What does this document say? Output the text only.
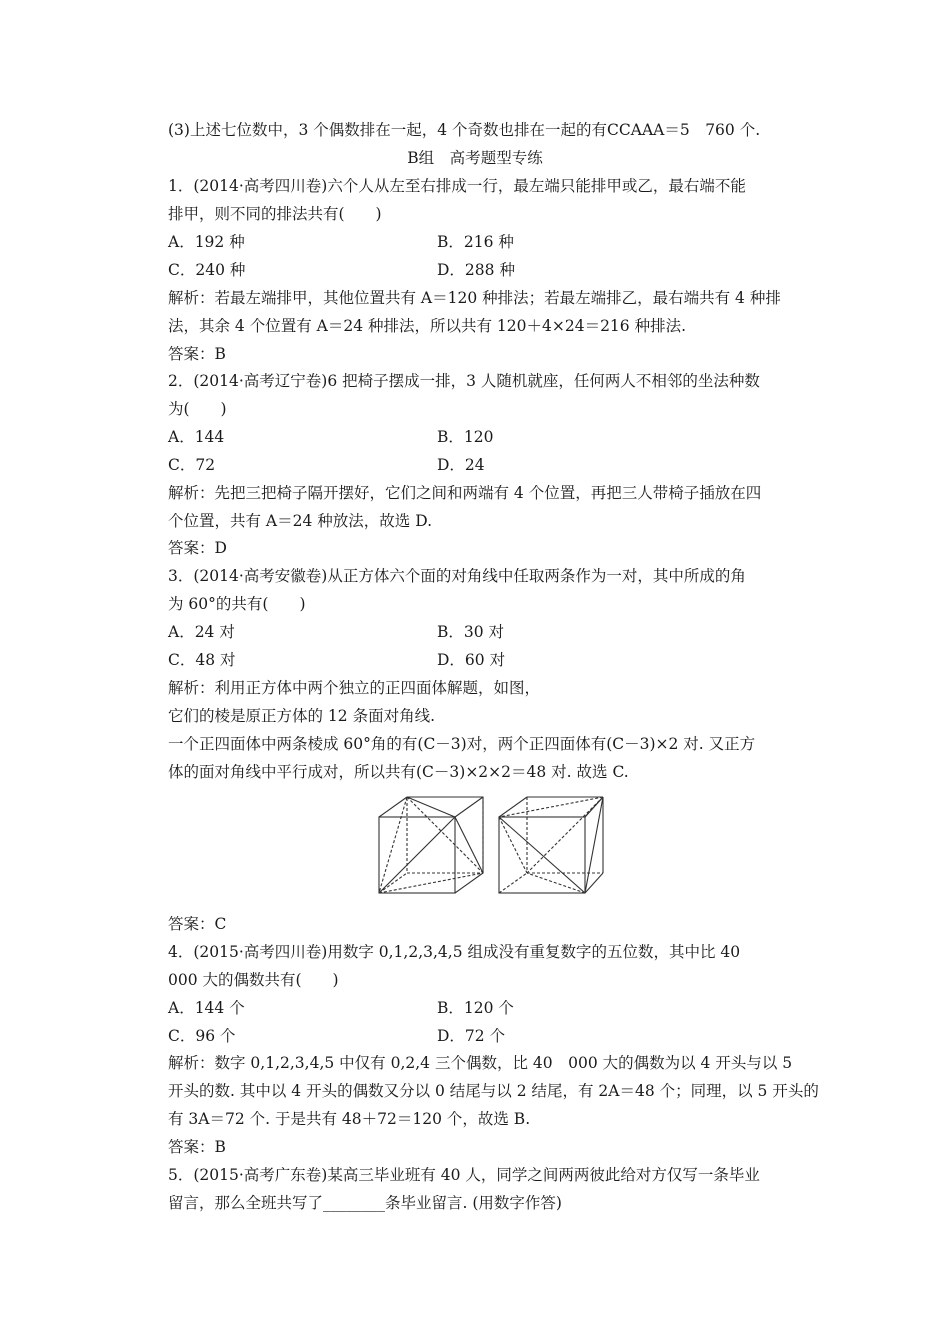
(3)上述七位数中，3 个偶数排在一起，4 个奇数也排在一起的有CCAAA＝5　760 个.
B组　高考题型专练
1．(2014·高考四川卷)六个人从左至右排成一行，最左端只能排甲或乙，最右端不能
排甲，则不同的排法共有(　　)
A．192 种	B．216 种
C．240 种	D．288 种
解析：若最左端排甲，其他位置共有 A＝120 种排法；若最左端排乙，最右端共有 4 种排
法，其余 4 个位置有 A＝24 种排法，所以共有 120＋4×24＝216 种排法.
答案：B
2．(2014·高考辽宁卷)6 把椅子摆成一排，3 人随机就座，任何两人不相邻的坐法种数
为(　　)
A．144	B．120
C．72	D．24
解析：先把三把椅子隔开摆好，它们之间和两端有 4 个位置，再把三人带椅子插放在四
个位置，共有 A＝24 种放法，故选 D.
答案：D
3．(2014·高考安徽卷)从正方体六个面的对角线中任取两条作为一对，其中所成的角
为 60°的共有(　　)
A．24 对	B．30 对
C．48 对	D．60 对
解析：利用正方体中两个独立的正四面体解题，如图，
它们的棱是原正方体的 12 条面对角线.
一个正四面体中两条棱成 60°角的有(C－3)对，两个正四面体有(C－3)×2 对. 又正方
体的面对角线中平行成对，所以共有(C－3)×2×2＝48 对. 故选 C.
答案：C
4．(2015·高考四川卷)用数字 0,1,2,3,4,5 组成没有重复数字的五位数，其中比 40
000 大的偶数共有(　　)
A．144 个	B．120 个
C．96 个	D．72 个
解析：数字 0,1,2,3,4,5 中仅有 0,2,4 三个偶数，比 40　000 大的偶数为以 4 开头与以 5
开头的数. 其中以 4 开头的偶数又分以 0 结尾与以 2 结尾，有 2A＝48 个；同理，以 5 开头的
有 3A＝72 个. 于是共有 48＋72＝120 个，故选 B.
答案：B
5．(2015·高考广东卷)某高三毕业班有 40 人，同学之间两两彼此给对方仅写一条毕业
留言，那么全班共写了________条毕业留言. (用数字作答)
